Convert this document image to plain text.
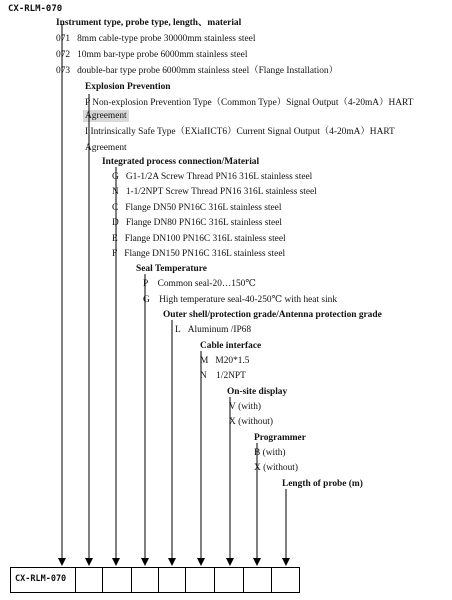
CX-RLM-070
Instrument type, probe type, length、material
071 8mm cable-type probe 30000mm stainless steel
072 10mm bar-type probe 6000mm stainless steel
073 double-bar type probe 6000mm stainless steel（Flange Installation）
Explosion Prevention
P Non-explosion Prevention Type（Common Type）Signal Output（4-20mA）HART
Agreement
I Intrinsically Safe Type（EXiaIICT6）Current Signal Output（4-20mA）HART
Agreement
Integrated process connection/Material
G G1-1/2A Screw Thread PN16 316L stainless steel
N 1-1/2NPT Screw Thread PN16 316L stainless steel
C Flange DN50 PN16C 316L stainless steel
D Flange DN80 PN16C 316L stainless steel
E Flange DN100 PN16C 316L stainless steel
F Flange DN150 PN16C 316L stainless steel
Seal Temperature
P Common seal-20…150℃
G High temperature seal-40-250℃ with heat sink
Outer shell/protection grade/Antenna protection grade
L Aluminum /IP68
Cable interface
M M20*1.5
N 1/2NPT
On-site display
V (with)
X (without)
Programmer
B (with)
X (without)
Length of probe (m)
CX-RLM-070
